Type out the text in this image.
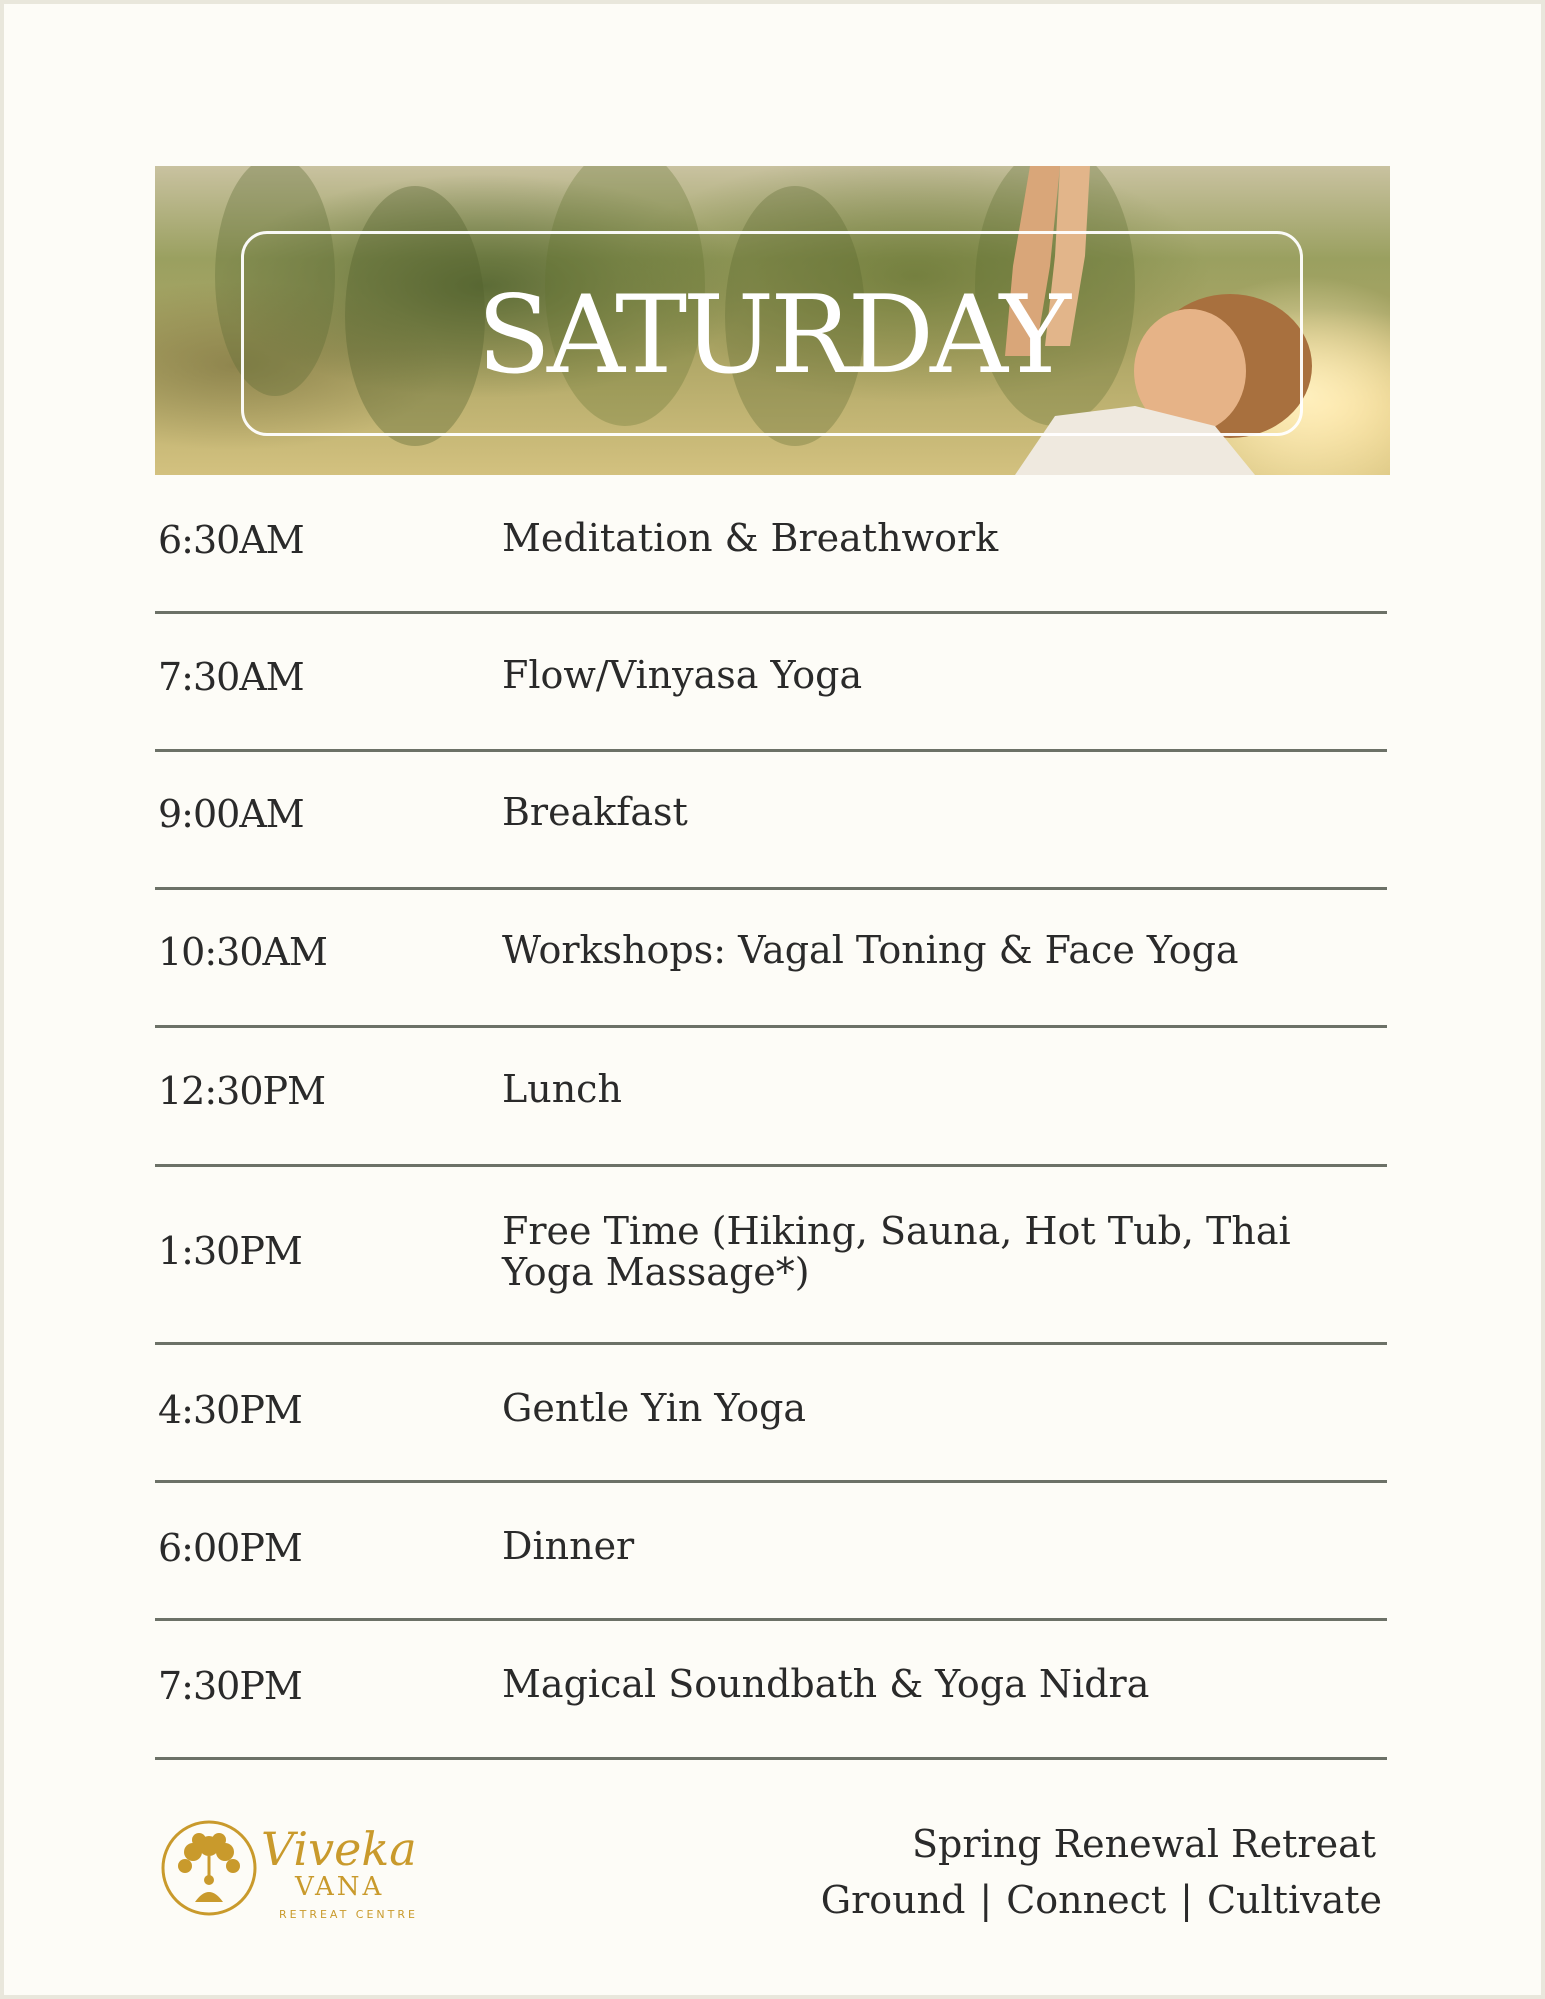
SATURDAY
6:30AM	Meditation & Breathwork
7:30AM	Flow/Vinyasa Yoga
9:00AM	Breakfast
10:30AM	Workshops: Vagal Toning & Face Yoga
12:30PM	Lunch
1:30PM	Free Time (Hiking, Sauna, Hot Tub, Thai Yoga Massage*)
4:30PM	Gentle Yin Yoga
6:00PM	Dinner
7:30PM	Magical Soundbath & Yoga Nidra
Viveka
VANA
RETREAT CENTRE
Spring Renewal Retreat
Ground | Connect | Cultivate
